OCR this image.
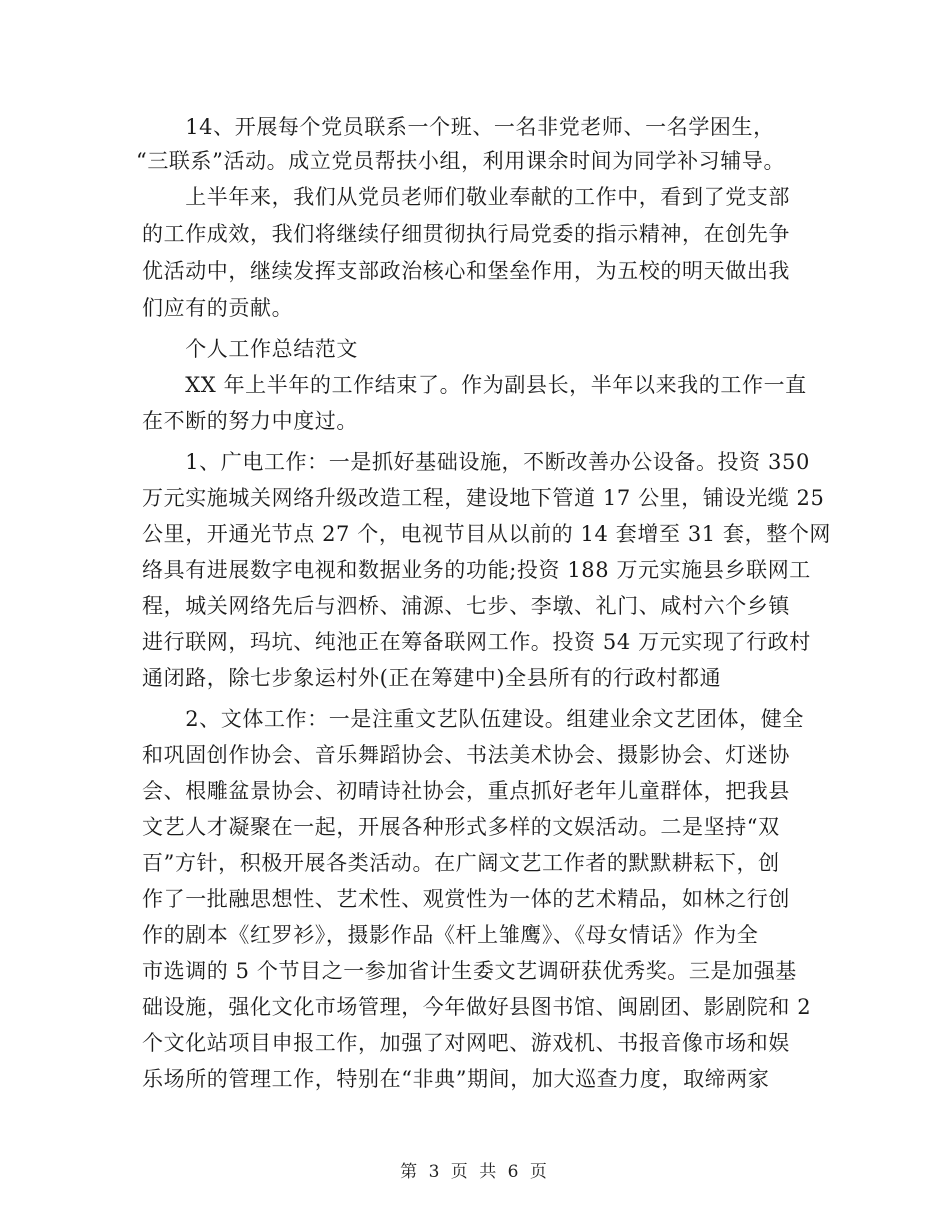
　　14、开展每个党员联系一个班、一名非党老师、一名学困生，
“三联系”活动。成立党员帮扶小组，利用课余时间为同学补习辅导。
　　上半年来，我们从党员老师们敬业奉献的工作中，看到了党支部
的工作成效，我们将继续仔细贯彻执行局党委的指示精神，在创先争
优活动中，继续发挥支部政治核心和堡垒作用，为五校的明天做出我
们应有的贡献。
　　个人工作总结范文
　　XX 年上半年的工作结束了。作为副县长，半年以来我的工作一直
在不断的努力中度过。
　　1、广电工作：一是抓好基础设施，不断改善办公设备。投资 350
万元实施城关网络升级改造工程，建设地下管道 17 公里，铺设光缆 25
公里，开通光节点 27 个，电视节目从以前的 14 套增至 31 套，整个网
络具有进展数字电视和数据业务的功能;投资 188 万元实施县乡联网工
程，城关网络先后与泗桥、浦源、七步、李墩、礼门、咸村六个乡镇
进行联网，玛坑、纯池正在筹备联网工作。投资 54 万元实现了行政村
通闭路，除七步象运村外(正在筹建中)全县所有的行政村都通
　　2、文体工作：一是注重文艺队伍建设。组建业余文艺团体，健全
和巩固创作协会、音乐舞蹈协会、书法美术协会、摄影协会、灯迷协
会、根雕盆景协会、初晴诗社协会，重点抓好老年儿童群体，把我县
文艺人才凝聚在一起，开展各种形式多样的文娱活动。二是坚持“双
百”方针，积极开展各类活动。在广阔文艺工作者的默默耕耘下，创
作了一批融思想性、艺术性、观赏性为一体的艺术精品，如林之行创
作的剧本《红罗衫》，摄影作品《杆上雏鹰》、《母女情话》作为全
市选调的 5 个节目之一参加省计生委文艺调研获优秀奖。三是加强基
础设施，强化文化市场管理，今年做好县图书馆、闽剧团、影剧院和 2
个文化站项目申报工作，加强了对网吧、游戏机、书报音像市场和娱
乐场所的管理工作，特别在“非典”期间，加大巡查力度，取缔两家
第 3 页 共 6 页
